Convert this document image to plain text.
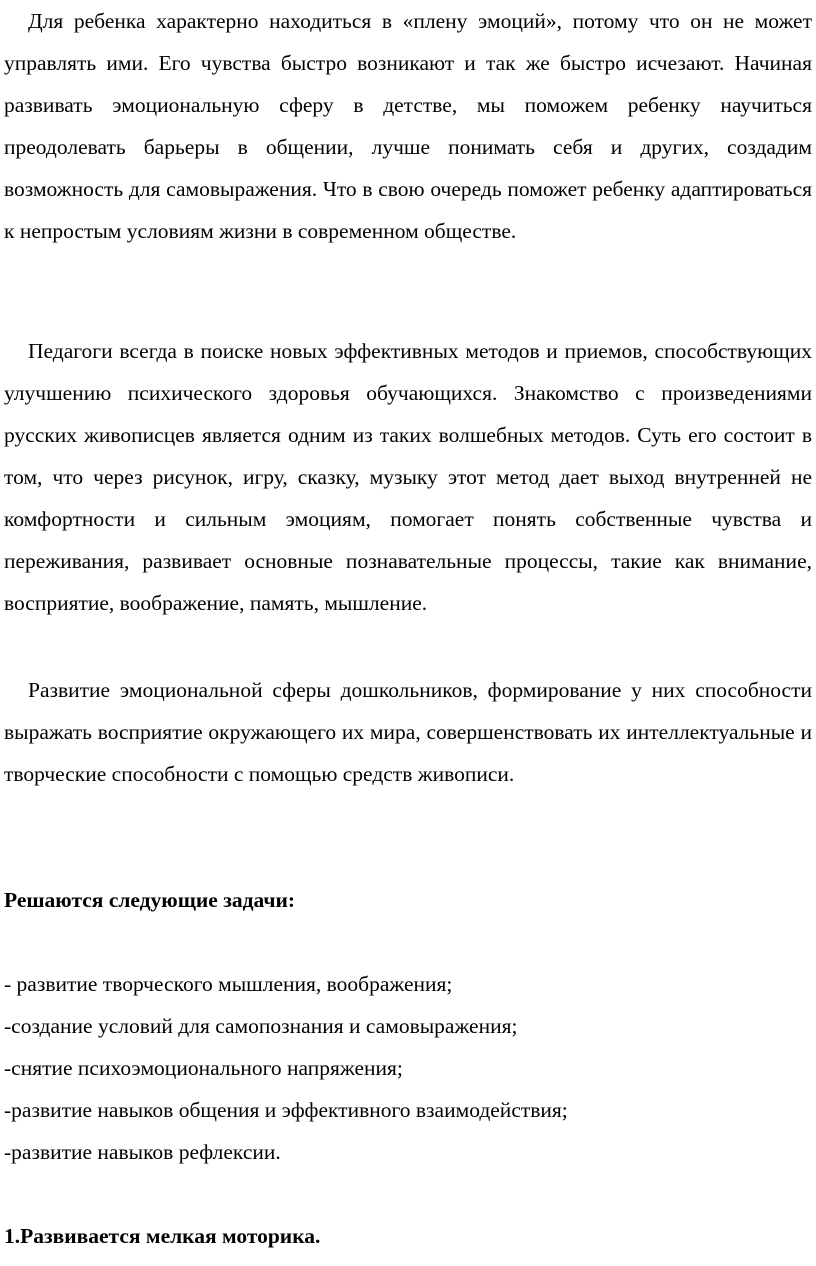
Для ребенка характерно находиться в «плену эмоций», потому что он не может управлять ими. Его чувства быстро возникают и так же быстро исчезают. Начиная развивать эмоциональную сферу в детстве, мы поможем ребенку научиться преодолевать барьеры в общении, лучше понимать себя и других, создадим возможность для самовыражения. Что в свою очередь поможет ребенку адаптироваться к непростым условиям жизни в современном обществе.

Педагоги всегда в поиске новых эффективных методов и приемов, способствующих улучшению психического здоровья обучающихся. Знакомство с произведениями русских живописцев является одним из таких волшебных методов. Суть его состоит в том, что через рисунок, игру, сказку, музыку этот метод дает выход внутренней не комфортности и сильным эмоциям, помогает понять собственные чувства и переживания, развивает основные познавательные процессы, такие как внимание, восприятие, воображение, память, мышление.

Развитие эмоциональной сферы дошкольников, формирование у них способности выражать восприятие окружающего их мира, совершенствовать их интеллектуальные и творческие способности с помощью средств живописи.

Решаются следующие задачи:

- развитие творческого мышления, воображения;
-создание условий для самопознания и самовыражения;
-снятие психоэмоционального напряжения;
-развитие навыков общения и эффективного взаимодействия;
-развитие навыков рефлексии.

1.Развивается мелкая моторика.
